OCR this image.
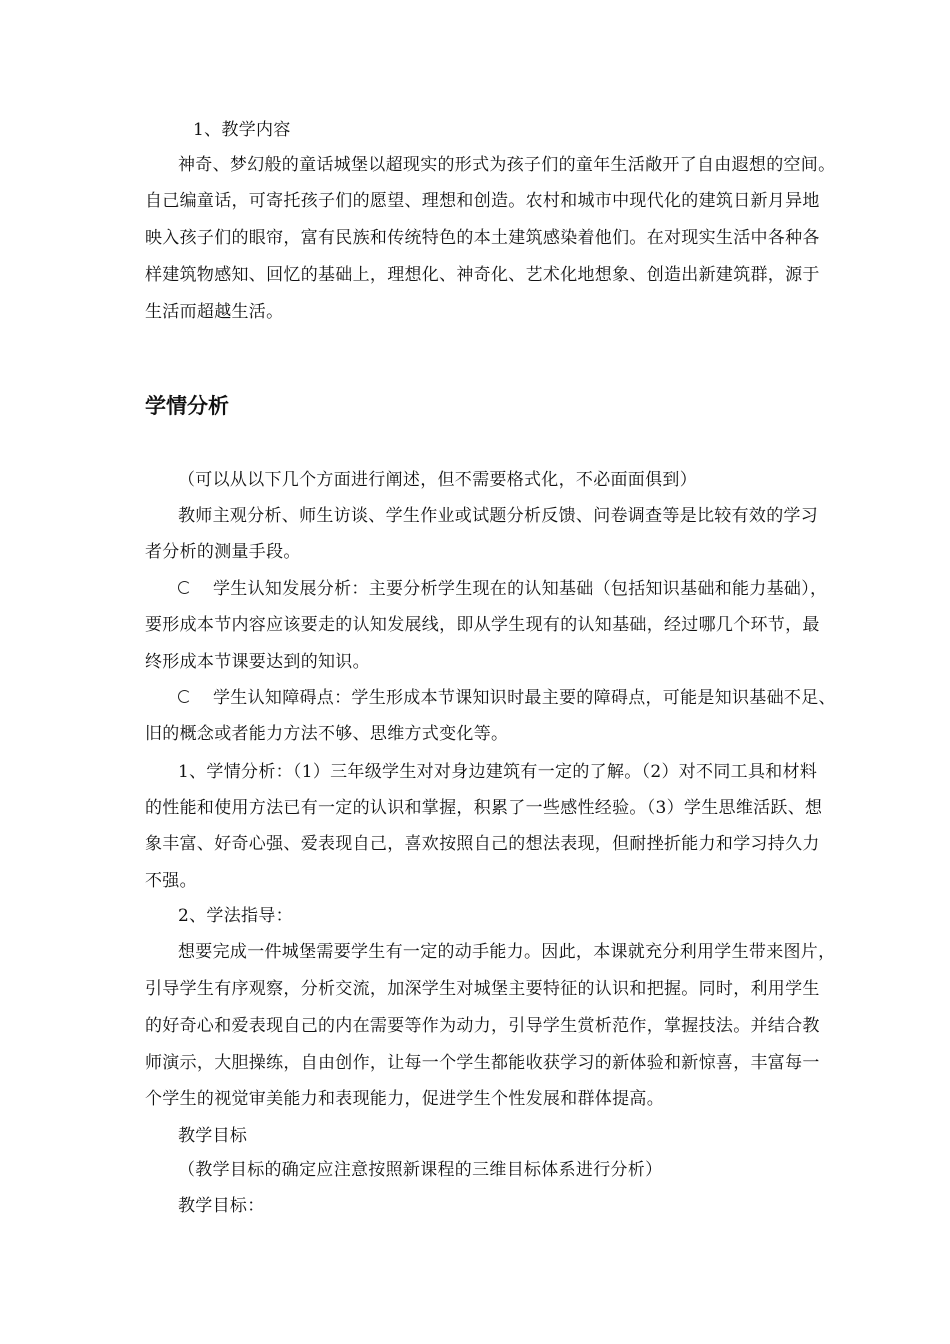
1、教学内容
神奇、梦幻般的童话城堡以超现实的形式为孩子们的童年生活敞开了自由遐想的空间。
自己编童话，可寄托孩子们的愿望、理想和创造。农村和城市中现代化的建筑日新月异地
映入孩子们的眼帘，富有民族和传统特色的本土建筑感染着他们。在对现实生活中各种各
样建筑物感知、回忆的基础上，理想化、神奇化、艺术化地想象、创造出新建筑群，源于
生活而超越生活。
学情分析
（可以从以下几个方面进行阐述，但不需要格式化，不必面面俱到）
教师主观分析、师生访谈、学生作业或试题分析反馈、问卷调查等是比较有效的学习
者分析的测量手段。
学生认知发展分析：主要分析学生现在的认知基础（包括知识基础和能力基础），
要形成本节内容应该要走的认知发展线，即从学生现有的认知基础，经过哪几个环节，最
终形成本节课要达到的知识。
学生认知障碍点：学生形成本节课知识时最主要的障碍点，可能是知识基础不足、
旧的概念或者能力方法不够、思维方式变化等。
1、学情分析：（1）三年级学生对对身边建筑有一定的了解。（2）对不同工具和材料
的性能和使用方法已有一定的认识和掌握，积累了一些感性经验。（3）学生思维活跃、想
象丰富、好奇心强、爱表现自己，喜欢按照自己的想法表现，但耐挫折能力和学习持久力
不强。
2、学法指导：
想要完成一件城堡需要学生有一定的动手能力。因此，本课就充分利用学生带来图片，
引导学生有序观察，分析交流，加深学生对城堡主要特征的认识和把握。同时，利用学生
的好奇心和爱表现自己的内在需要等作为动力，引导学生赏析范作，掌握技法。并结合教
师演示，大胆操练，自由创作，让每一个学生都能收获学习的新体验和新惊喜，丰富每一
个学生的视觉审美能力和表现能力，促进学生个性发展和群体提高。
教学目标
（教学目标的确定应注意按照新课程的三维目标体系进行分析）
教学目标：
